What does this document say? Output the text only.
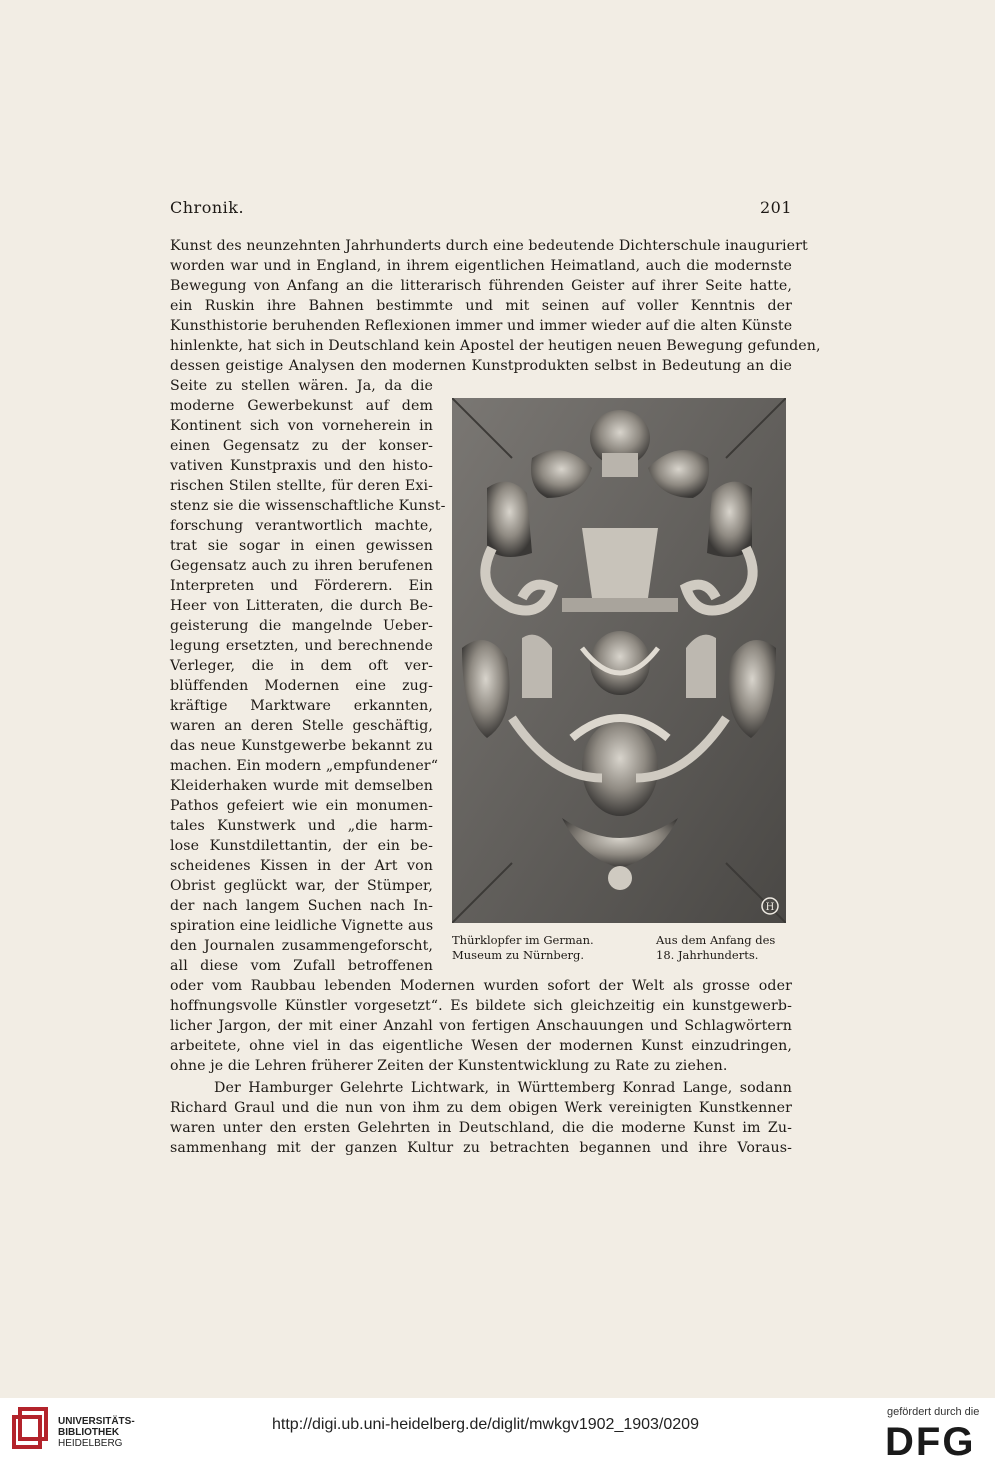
Chronik.	201
Kunst des neunzehnten Jahrhunderts durch eine bedeutende Dichterschule inauguriert
worden war und in England, in ihrem eigentlichen Heimatland, auch die modernste
Bewegung von Anfang an die litterarisch führenden Geister auf ihrer Seite hatte,
ein Ruskin ihre Bahnen bestimmte und mit seinen auf voller Kenntnis der
Kunsthistorie beruhenden Reflexionen immer und immer wieder auf die alten Künste
hinlenkte, hat sich in Deutschland kein Apostel der heutigen neuen Bewegung gefunden,
dessen geistige Analysen den modernen Kunstprodukten selbst in Bedeutung an die
Seite zu stellen wären. Ja, da die
moderne Gewerbekunst auf dem
Kontinent sich von vorneherein in
einen Gegensatz zu der konser-
vativen Kunstpraxis und den histo-
rischen Stilen stellte, für deren Exi-
stenz sie die wissenschaftliche Kunst-
forschung verantwortlich machte,
trat sie sogar in einen gewissen
Gegensatz auch zu ihren berufenen
Interpreten und Förderern. Ein
Heer von Litteraten, die durch Be-
geisterung die mangelnde Ueber-
legung ersetzten, und berechnende
Verleger, die in dem oft ver-
blüffenden Modernen eine zug-
kräftige Marktware erkannten,
waren an deren Stelle geschäftig,
das neue Kunstgewerbe bekannt zu
machen. Ein modern „empfundener“
Kleiderhaken wurde mit demselben
Pathos gefeiert wie ein monumen-
tales Kunstwerk und „die harm-
lose Kunstdilettantin, der ein be-
scheidenes Kissen in der Art von
Obrist geglückt war, der Stümper,
der nach langem Suchen nach In-
spiration eine leidliche Vignette aus
den Journalen zusammengeforscht,
all diese vom Zufall betroffenen
oder vom Raubbau lebenden Modernen wurden sofort der Welt als grosse oder
hoffnungsvolle Künstler vorgesetzt“. Es bildete sich gleichzeitig ein kunstgewerb-
licher Jargon, der mit einer Anzahl von fertigen Anschauungen und Schlagwörtern
arbeitete, ohne viel in das eigentliche Wesen der modernen Kunst einzudringen,
ohne je die Lehren früherer Zeiten der Kunstentwicklung zu Rate zu ziehen.
Der Hamburger Gelehrte Lichtwark, in Württemberg Konrad Lange, sodann
Richard Graul und die nun von ihm zu dem obigen Werk vereinigten Kunstkenner
waren unter den ersten Gelehrten in Deutschland, die die moderne Kunst im Zu-
sammenhang mit der ganzen Kultur zu betrachten begannen und ihre Voraus-
H
Thürklopfer im German.
Museum zu Nürnberg.
Aus dem Anfang des
18. Jahrhunderts.
UNIVERSITÄTS-
BIBLIOTHEK
HEIDELBERG
http://digi.ub.uni-heidelberg.de/diglit/mwkgv1902_1903/0209
gefördert durch die
DFG
